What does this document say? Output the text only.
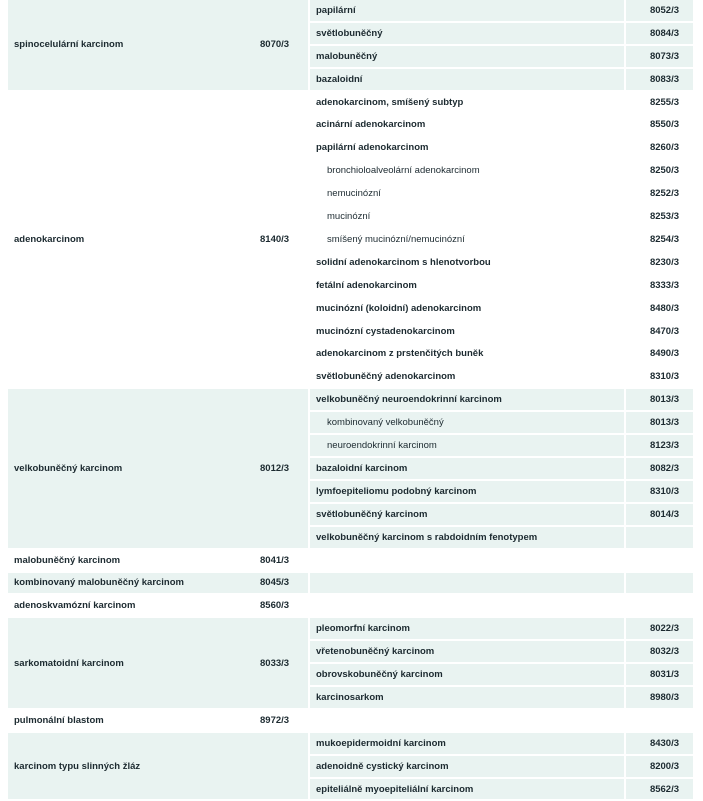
spinocelulární karcinom	8070/3
papilární	8052/3
světlobuněčný	8084/3
malobuněčný	8073/3
bazaloidní	8083/3
adenokarcinom	8140/3
adenokarcinom, smíšený subtyp	8255/3
acinární adenokarcinom	8550/3
papilární adenokarcinom	8260/3
bronchioloalveolární adenokarcinom	8250/3
nemucinózní	8252/3
mucinózní	8253/3
smíšený mucinózní/nemucinózní	8254/3
solidní adenokarcinom s hlenotvorbou	8230/3
fetální adenokarcinom	8333/3
mucinózní (koloidní) adenokarcinom	8480/3
mucinózní cystadenokarcinom	8470/3
adenokarcinom z prstenčitých buněk	8490/3
světlobuněčný adenokarcinom	8310/3
velkobuněčný karcinom	8012/3
velkobuněčný neuroendokrinní karcinom	8013/3
kombinovaný velkobuněčný	8013/3
neuroendokrinní karcinom	8123/3
bazaloidní karcinom	8082/3
lymfoepiteliomu podobný karcinom	8310/3
světlobuněčný karcinom	8014/3
velkobuněčný karcinom s rabdoidním fenotypem
malobuněčný karcinom	8041/3
kombinovaný malobuněčný karcinom	8045/3
adenoskvamózní karcinom	8560/3
sarkomatoidní karcinom	8033/3
pleomorfní karcinom	8022/3
vřetenobuněčný karcinom	8032/3
obrovskobuněčný karcinom	8031/3
karcinosarkom	8980/3
pulmonální blastom	8972/3
karcinom typu slinných žláz
mukoepidermoidní karcinom	8430/3
adenoidně cystický karcinom	8200/3
epiteliálně myoepiteliální karcinom	8562/3
